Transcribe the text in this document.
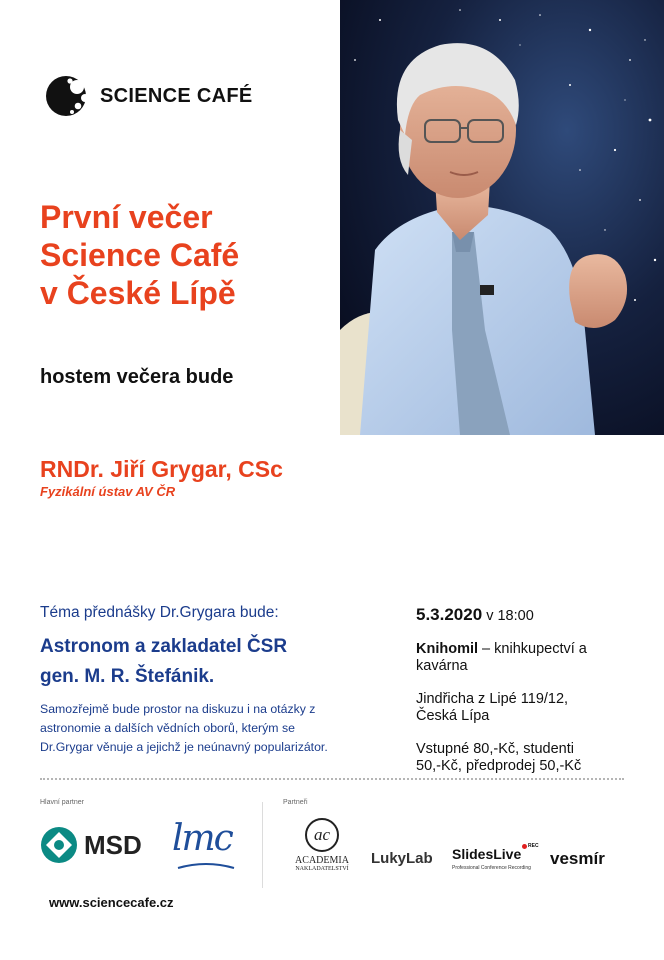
SCIENCE CAFÉ
První večer
Science Café
v České Lípě
hostem večera bude
RNDr. Jiří Grygar, CSc
Fyzikální ústav AV ČR
Téma přednášky Dr.Grygara bude:
Astronom a zakladatel ČSR
gen. M. R. Štefánik.
Samozřejmě bude prostor na diskuzu i na otázky z
astronomie a dalších vědních oborů, kterým se
Dr.Grygar věnuje a jejichž je neúnavný popularizátor.
5.3.2020 v 18:00
Knihomil – knihkupectví a
kavárna
Jindřicha z Lipé 119/12,
Česká Lípa
Vstupné 80,-Kč, studenti
50,-Kč, předprodej 50,-Kč
Hlavní partner	Partneři
MSD lmc	ac
ACADEMIA
NAKLADATELSTVÍ
LukyLab SlidesLive REC
Professional Conference Recording vesmír
www.sciencecafe.cz
